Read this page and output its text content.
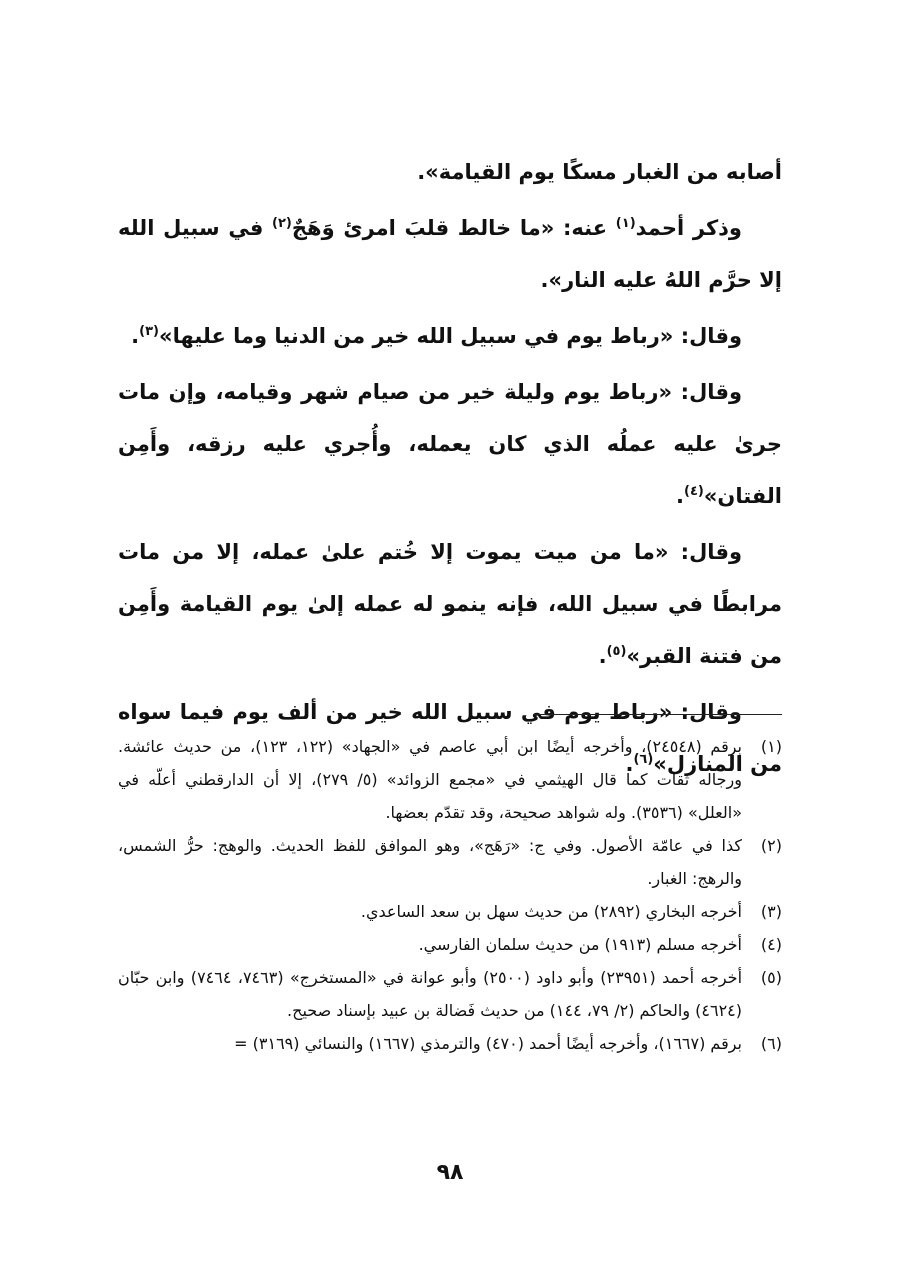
أصابه من الغبار مسكًا يوم القيامة».

وذكر أحمد$^{(١)}$ عنه: «ما خالط قلبَ امرئ وَهَجٌ$^{(٢)}$ في سبيل الله إلا حرَّم اللهُ عليه النار».

وقال: «رباط يوم في سبيل الله خير من الدنيا وما عليها»$^{(٣)}$.

وقال: «رباط يوم وليلة خير من صيام شهر وقيامه، وإن مات جرىٰ عليه عملُه الذي كان يعمله، وأُجري عليه رزقه، وأَمِن الفتان»$^{(٤)}$.

وقال: «ما من ميت يموت إلا خُتم علىٰ عمله، إلا من مات مرابطًا في سبيل الله، فإنه ينمو له عمله إلىٰ يوم القيامة وأَمِن من فتنة القبر»$^{(٥)}$.

وقال: «رباط يوم في سبيل الله خير من ألف يوم فيما سواه من المنازل»$^{(٦)}$.

(١)
برقم (٢٤٥٤٨)، وأخرجه أيضًا ابن أبي عاصم في «الجهاد» (١٢٢، ١٢٣)، من حديث عائشة. ورجاله ثقات كما قال الهيثمي في «مجمع الزوائد» (٥/ ٢٧٩)، إلا أن الدارقطني أعلّه في «العلل» (٣٥٣٦). وله شواهد صحيحة، وقد تقدّم بعضها.
(٢)
كذا في عامّة الأصول. وفي ج: «رَهَج»، وهو الموافق للفظ الحديث. والوهج: حرُّ الشمس، والرهج: الغبار.
(٣)
أخرجه البخاري (٢٨٩٢) من حديث سهل بن سعد الساعدي.
(٤)
أخرجه مسلم (١٩١٣) من حديث سلمان الفارسي.
(٥)
أخرجه أحمد (٢٣٩٥١) وأبو داود (٢٥٠٠) وأبو عوانة في «المستخرج» (٧٤٦٣، ٧٤٦٤) وابن حبّان (٤٦٢٤) والحاكم (٢/ ٧٩، ١٤٤) من حديث فَضالة بن عبيد بإسناد صحيح.
(٦)
برقم (١٦٦٧)، وأخرجه أيضًا أحمد (٤٧٠) والترمذي (١٦٦٧) والنسائي (٣١٦٩) =
٩٨
